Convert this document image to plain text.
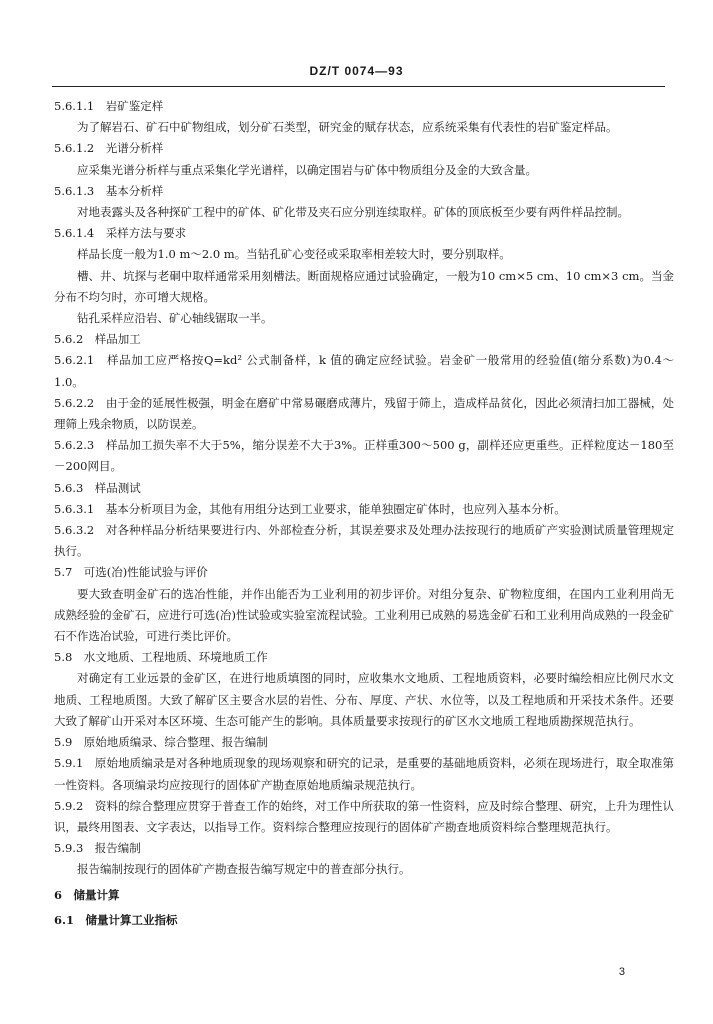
DZ/T 0074—93

5.6.1.1　岩矿鉴定样

为了解岩石、矿石中矿物组成，划分矿石类型，研究金的赋存状态，应系统采集有代表性的岩矿鉴定样品。

5.6.1.2　光谱分析样

应采集光谱分析样与重点采集化学光谱样，以确定围岩与矿体中物质组分及金的大致含量。

5.6.1.3　基本分析样

对地表露头及各种探矿工程中的矿体、矿化带及夹石应分别连续取样。矿体的顶底板至少要有两件样品控制。

5.6.1.4　采样方法与要求

样品长度一般为1.0 m～2.0 m。当钻孔矿心变径或采取率相差较大时，要分别取样。

槽、井、坑探与老硐中取样通常采用刻槽法。断面规格应通过试验确定，一般为10 cm×5 cm、10 cm×3 cm。当金分布不均匀时，亦可增大规格。

钻孔采样应沿岩、矿心轴线锯取一半。

5.6.2　样品加工

5.6.2.1　样品加工应严格按Q=kd² 公式制备样，k 值的确定应经试验。岩金矿一般常用的经验值(缩分系数)为0.4～1.0。

5.6.2.2　由于金的延展性极强，明金在磨矿中常易碾磨成薄片，残留于筛上，造成样品贫化，因此必须清扫加工器械，处理筛上残余物质，以防误差。

5.6.2.3　样品加工损失率不大于5%，缩分误差不大于3%。正样重300～500 g，副样还应更重些。正样粒度达－180至－200网目。

5.6.3　样品测试

5.6.3.1　基本分析项目为金，其他有用组分达到工业要求，能单独圈定矿体时，也应列入基本分析。

5.6.3.2　对各种样品分析结果要进行内、外部检查分析，其误差要求及处理办法按现行的地质矿产实验测试质量管理规定执行。

5.7　可选(冶)性能试验与评价

要大致查明金矿石的选冶性能，并作出能否为工业利用的初步评价。对组分复杂、矿物粒度细，在国内工业利用尚无成熟经验的金矿石，应进行可选(冶)性试验或实验室流程试验。工业利用已成熟的易选金矿石和工业利用尚成熟的一段金矿石不作选冶试验，可进行类比评价。

5.8　水文地质、工程地质、环境地质工作

对确定有工业远景的金矿区，在进行地质填图的同时，应收集水文地质、工程地质资料，必要时编绘相应比例尺水文地质、工程地质图。大致了解矿区主要含水层的岩性、分布、厚度、产状、水位等，以及工程地质和开采技术条件。还要大致了解矿山开采对本区环境、生态可能产生的影响。具体质量要求按现行的矿区水文地质工程地质勘探规范执行。

5.9　原始地质编录、综合整理、报告编制

5.9.1　原始地质编录是对各种地质现象的现场观察和研究的记录，是重要的基础地质资料，必须在现场进行，取全取准第一性资料。各项编录均应按现行的固体矿产勘查原始地质编录规范执行。

5.9.2　资料的综合整理应贯穿于普查工作的始终，对工作中所获取的第一性资料，应及时综合整理、研究，上升为理性认识，最终用图表、文字表达，以指导工作。资料综合整理应按现行的固体矿产勘查地质资料综合整理规范执行。

5.9.3　报告编制

报告编制按现行的固体矿产勘查报告编写规定中的普查部分执行。

6　储量计算

6.1　储量计算工业指标

3
